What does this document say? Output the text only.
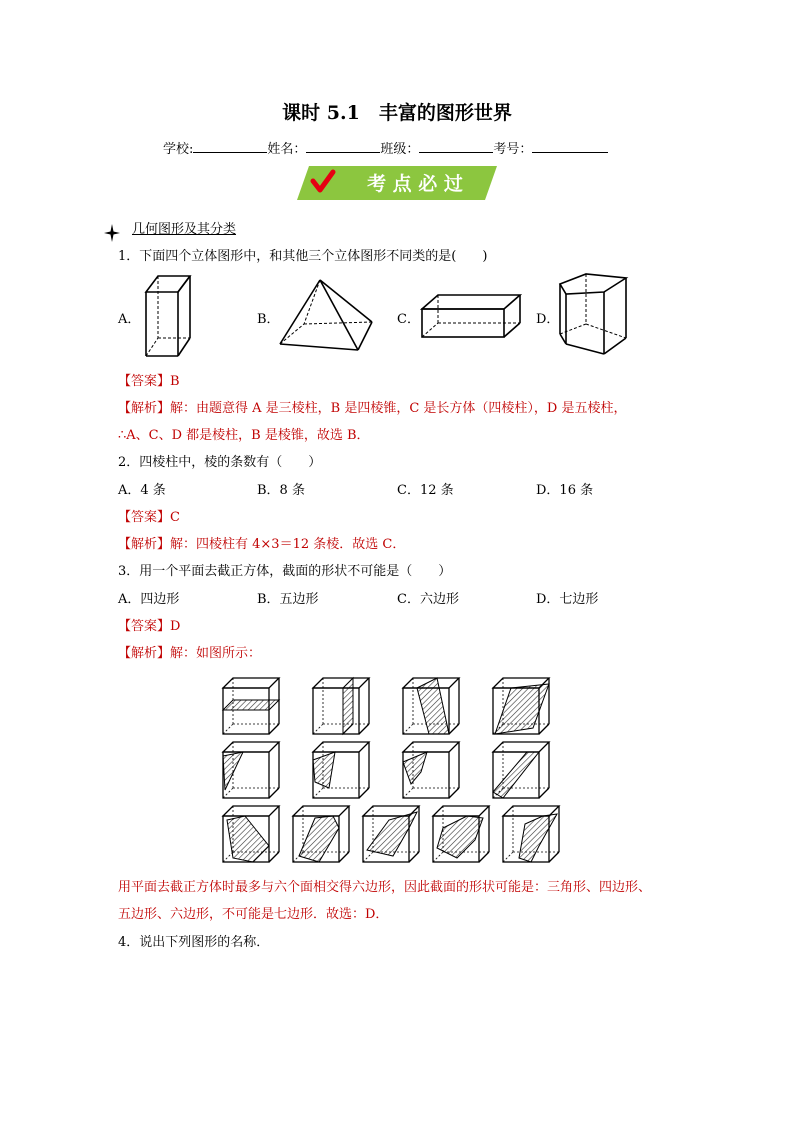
课时 5.1　丰富的图形世界
学校:	姓名：	班级：	考号：
考 点 必 过
几何图形及其分类
1．下面四个立体图形中，和其他三个立体图形不同类的是(　　)
A．	B．	C．	D．
【答案】B
【解析】解：由题意得 A 是三棱柱，B 是四棱锥，C 是长方体（四棱柱），D 是五棱柱，
∴A、C、D 都是棱柱，B 是棱锥，故选 B．
2．四棱柱中，棱的条数有（　　）
A．4 条	B．8 条	C．12 条	D．16 条
【答案】C
【解析】解：四棱柱有 4×3＝12 条棱．故选 C．
3．用一个平面去截正方体，截面的形状不可能是（　　）
A．四边形	B．五边形	C．六边形	D．七边形
【答案】D
【解析】解：如图所示：
用平面去截正方体时最多与六个面相交得六边形，因此截面的形状可能是：三角形、四边形、
五边形、六边形，不可能是七边形．故选：D．
4．说出下列图形的名称．
